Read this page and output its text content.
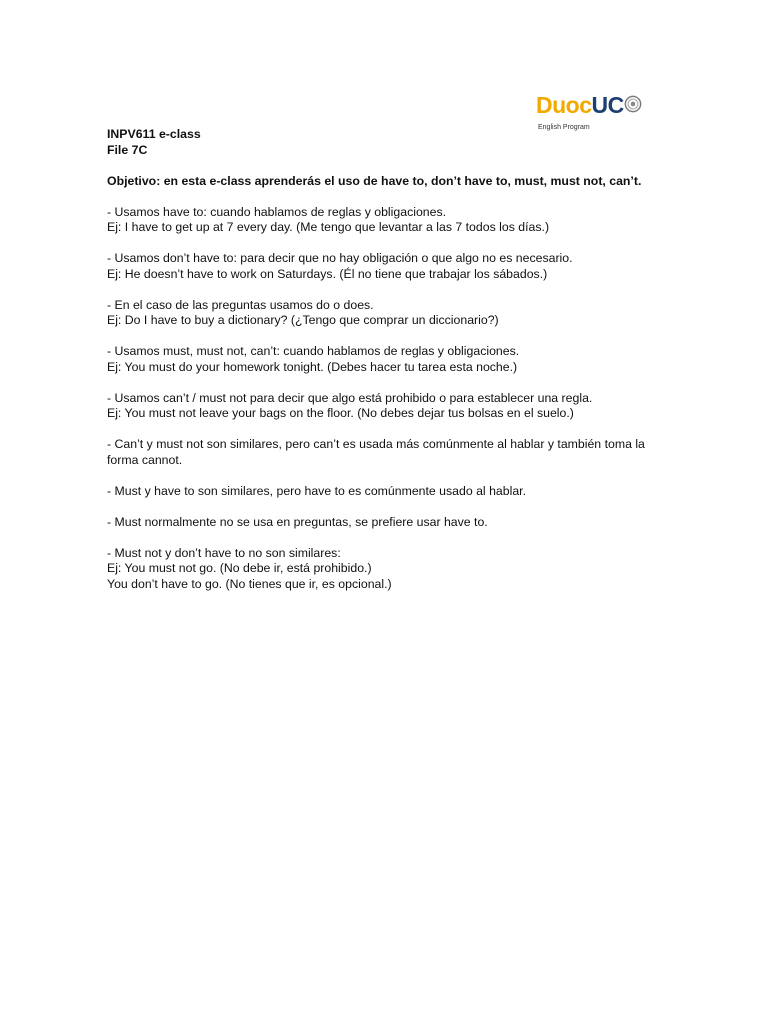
DuocUC
English Program

INPV611 e-class

File 7C

Objetivo: en esta e-class aprenderás el uso de have to, don’t have to, must, must not, can’t.

- Usamos have to: cuando hablamos de reglas y obligaciones.

Ej: I have to get up at 7 every day. (Me tengo que levantar a las 7 todos los días.)

- Usamos don’t have to: para decir que no hay obligación o que algo no es necesario.

Ej: He doesn’t have to work on Saturdays. (Él no tiene que trabajar los sábados.)

- En el caso de las preguntas usamos do o does.

Ej: Do I have to buy a dictionary? (¿Tengo que comprar un diccionario?)

- Usamos must, must not, can’t: cuando hablamos de reglas y obligaciones.

Ej: You must do your homework tonight. (Debes hacer tu tarea esta noche.)

- Usamos can’t / must not para decir que algo está prohibido o para establecer una regla.

Ej: You must not leave your bags on the floor. (No debes dejar tus bolsas en el suelo.)

- Can’t y must not son similares, pero can’t es usada más comúnmente al hablar y también toma la forma cannot.

- Must y have to son similares, pero have to es comúnmente usado al hablar.

- Must normalmente no se usa en preguntas, se prefiere usar have to.

- Must not y don’t have to no son similares:

Ej: You must not go. (No debe ir, está prohibido.)

You don’t have to go. (No tienes que ir, es opcional.)
